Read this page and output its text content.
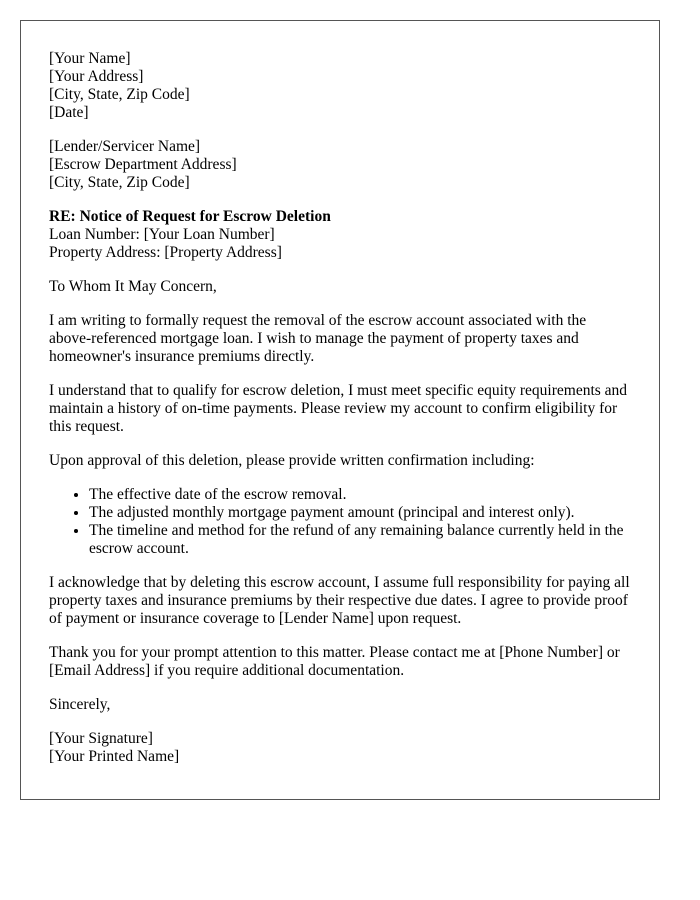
[Your Name]
[Your Address]
[City, State, Zip Code]
[Date]
[Lender/Servicer Name]
[Escrow Department Address]
[City, State, Zip Code]
RE: Notice of Request for Escrow Deletion
Loan Number: [Your Loan Number]
Property Address: [Property Address]

To Whom It May Concern,

I am writing to formally request the removal of the escrow account associated with the above-referenced mortgage loan. I wish to manage the payment of property taxes and homeowner's insurance premiums directly.

I understand that to qualify for escrow deletion, I must meet specific equity requirements and maintain a history of on-time payments. Please review my account to confirm eligibility for this request.

Upon approval of this deletion, please provide written confirmation including:

• The effective date of the escrow removal.
• The adjusted monthly mortgage payment amount (principal and interest only).
• The timeline and method for the refund of any remaining balance currently held in the escrow account.

I acknowledge that by deleting this escrow account, I assume full responsibility for paying all property taxes and insurance premiums by their respective due dates. I agree to provide proof of payment or insurance coverage to [Lender Name] upon request.

Thank you for your prompt attention to this matter. Please contact me at [Phone Number] or [Email Address] if you require additional documentation.

Sincerely,

[Your Signature]
[Your Printed Name]
